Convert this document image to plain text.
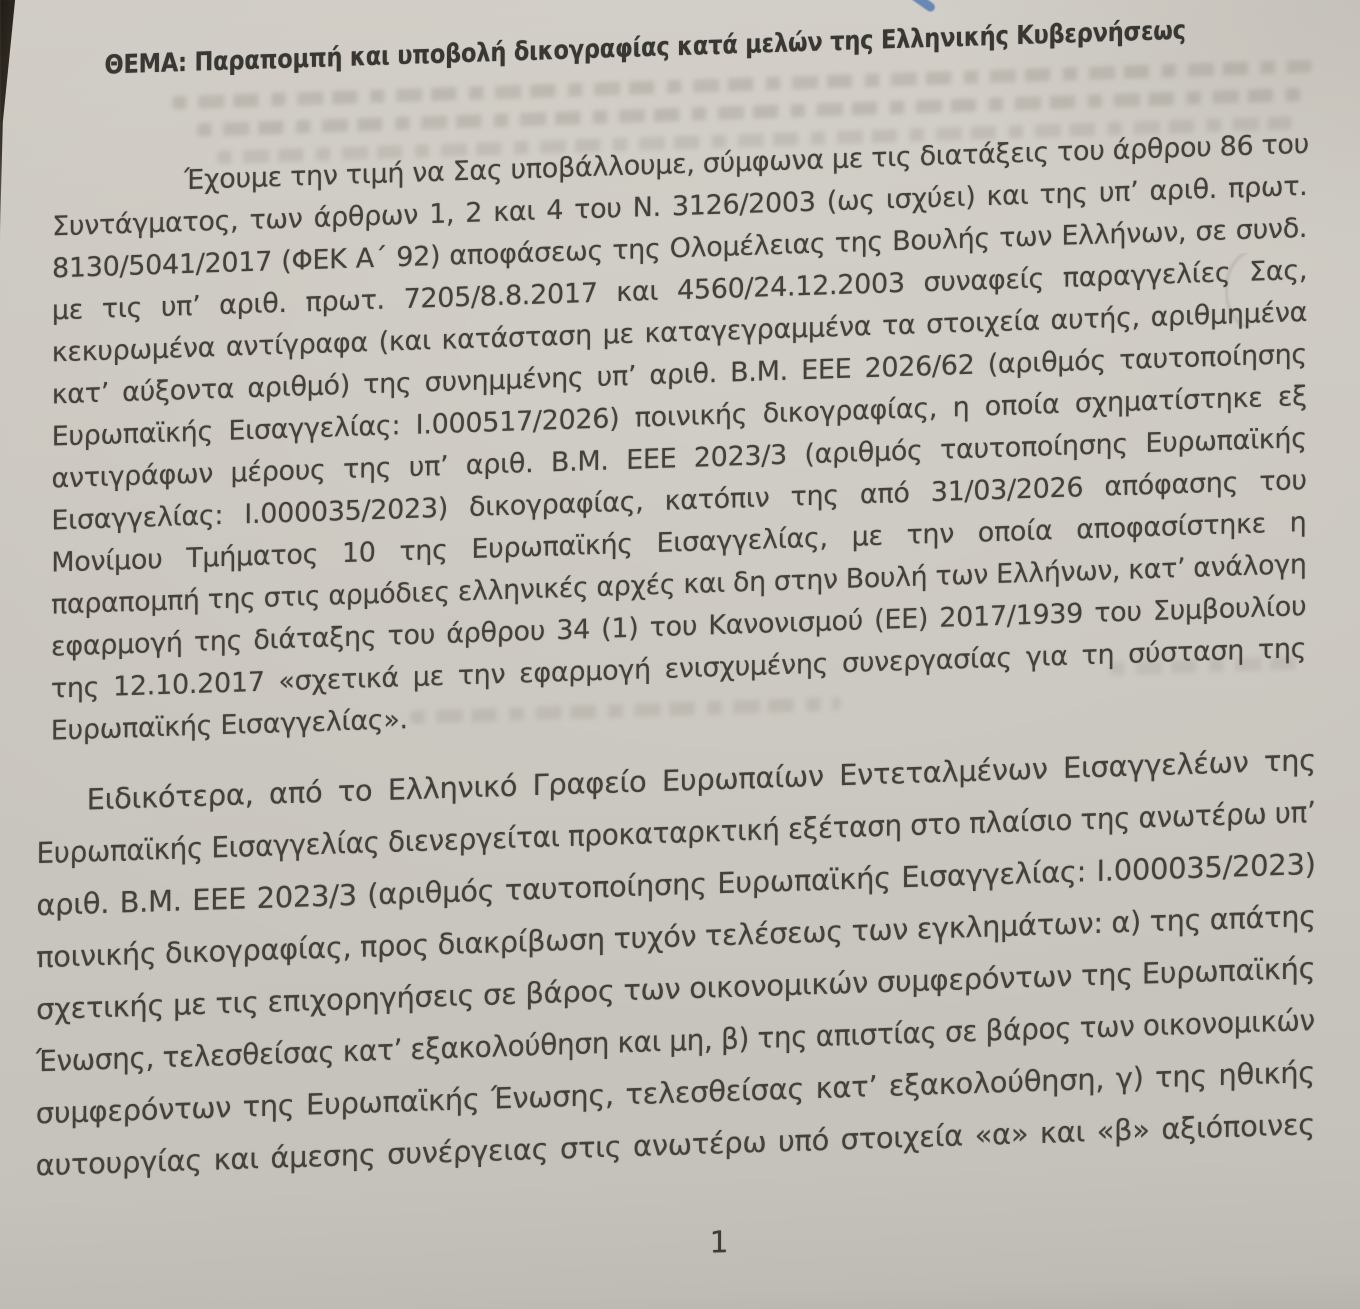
ΘΕΜΑ: Παραπομπή και υποβολή δικογραφίας κατά μελών της Ελληνικής Κυβερνήσεως
Έχουμε την τιμή να Σας υποβάλλουμε, σύμφωνα με τις διατάξεις του άρθρου 86 του
Συντάγματος, των άρθρων 1, 2 και 4 του Ν. 3126/2003 (ως ισχύει) και της υπ’ αριθ. πρωτ.
8130/5041/2017 (ΦΕΚ Α΄ 92) αποφάσεως της Ολομέλειας της Βουλής των Ελλήνων, σε συνδ.
με τις υπ’ αριθ. πρωτ. 7205/8.8.2017 και 4560/24.12.2003 συναφείς παραγγελίες Σας,
κεκυρωμένα αντίγραφα (και κατάσταση με καταγεγραμμένα τα στοιχεία αυτής, αριθμημένα
κατ’ αύξοντα αριθμό) της συνημμένης υπ’ αριθ. Β.Μ. ΕΕΕ 2026/62 (αριθμός ταυτοποίησης
Ευρωπαϊκής Εισαγγελίας: Ι.000517/2026) ποινικής δικογραφίας, η οποία σχηματίστηκε εξ
αντιγράφων μέρους της υπ’ αριθ. Β.Μ. ΕΕΕ 2023/3 (αριθμός ταυτοποίησης Ευρωπαϊκής
Εισαγγελίας: Ι.000035/2023) δικογραφίας, κατόπιν της από 31/03/2026 απόφασης του
Μονίμου Τμήματος 10 της Ευρωπαϊκής Εισαγγελίας, με την οποία αποφασίστηκε η
παραπομπή της στις αρμόδιες ελληνικές αρχές και δη στην Βουλή των Ελλήνων, κατ’ ανάλογη
εφαρμογή της διάταξης του άρθρου 34 (1) του Κανονισμού (ΕΕ) 2017/1939 του Συμβουλίου
της 12.10.2017 «σχετικά με την εφαρμογή ενισχυμένης συνεργασίας για τη σύσταση της
Ευρωπαϊκής Εισαγγελίας».
Ειδικότερα, από το Ελληνικό Γραφείο Ευρωπαίων Εντεταλμένων Εισαγγελέων της
Ευρωπαϊκής Εισαγγελίας διενεργείται προκαταρκτική εξέταση στο πλαίσιο της ανωτέρω υπ’
αριθ. Β.Μ. ΕΕΕ 2023/3 (αριθμός ταυτοποίησης Ευρωπαϊκής Εισαγγελίας: Ι.000035/2023)
ποινικής δικογραφίας, προς διακρίβωση τυχόν τελέσεως των εγκλημάτων: α) της απάτης
σχετικής με τις επιχορηγήσεις σε βάρος των οικονομικών συμφερόντων της Ευρωπαϊκής
Ένωσης, τελεσθείσας κατ’ εξακολούθηση και μη, β) της απιστίας σε βάρος των οικονομικών
συμφερόντων της Ευρωπαϊκής Ένωσης, τελεσθείσας κατ’ εξακολούθηση, γ) της ηθικής
αυτουργίας και άμεσης συνέργειας στις ανωτέρω υπό στοιχεία «α» και «β» αξιόποινες
1
